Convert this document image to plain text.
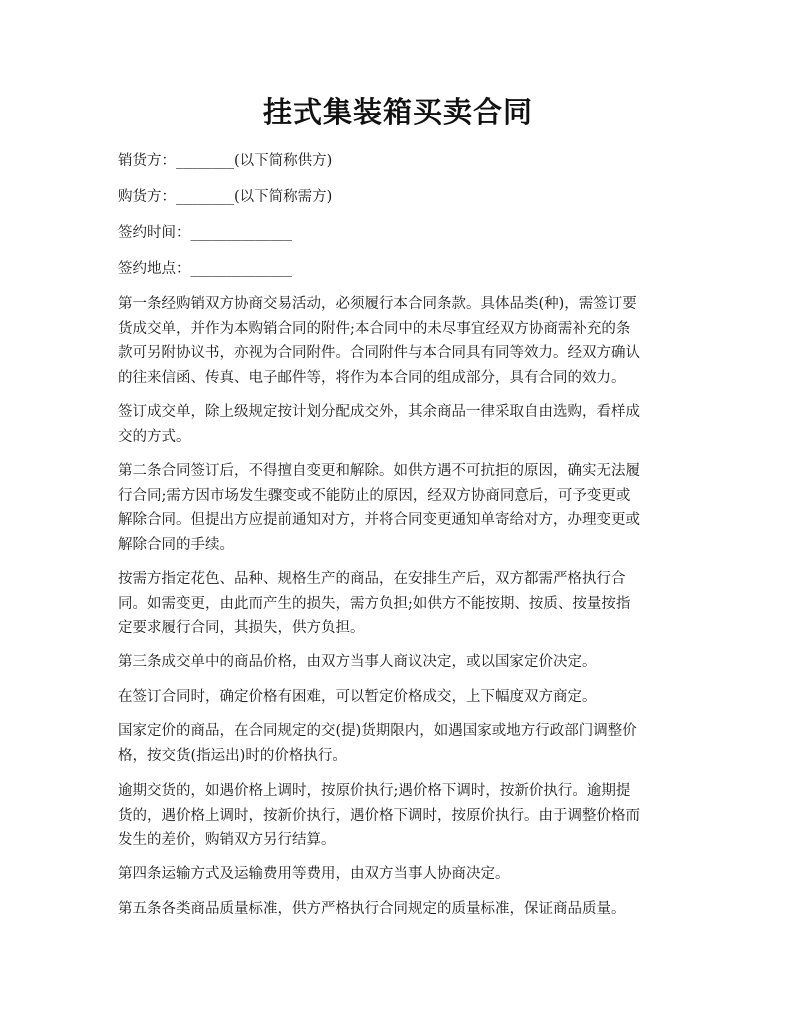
挂式集装箱买卖合同

销货方：________(以下简称供方)

购货方：________(以下简称需方)

签约时间：______________

签约地点：______________

第一条经购销双方协商交易活动，必须履行本合同条款。具体品类(种)，需签订要
货成交单，并作为本购销合同的附件;本合同中的未尽事宜经双方协商需补充的条
款可另附协议书，亦视为合同附件。合同附件与本合同具有同等效力。经双方确认
的往来信函、传真、电子邮件等，将作为本合同的组成部分，具有合同的效力。

签订成交单，除上级规定按计划分配成交外，其余商品一律采取自由选购，看样成
交的方式。

第二条合同签订后，不得擅自变更和解除。如供方遇不可抗拒的原因，确实无法履
行合同;需方因市场发生骤变或不能防止的原因，经双方协商同意后，可予变更或
解除合同。但提出方应提前通知对方，并将合同变更通知单寄给对方，办理变更或
解除合同的手续。

按需方指定花色、品种、规格生产的商品，在安排生产后，双方都需严格执行合
同。如需变更，由此而产生的损失，需方负担;如供方不能按期、按质、按量按指
定要求履行合同，其损失，供方负担。

第三条成交单中的商品价格，由双方当事人商议决定，或以国家定价决定。

在签订合同时，确定价格有困难，可以暂定价格成交，上下幅度双方商定。

国家定价的商品，在合同规定的交(提)货期限内，如遇国家或地方行政部门调整价
格，按交货(指运出)时的价格执行。

逾期交货的，如遇价格上调时，按原价执行;遇价格下调时，按新价执行。逾期提
货的，遇价格上调时，按新价执行，遇价格下调时，按原价执行。由于调整价格而
发生的差价，购销双方另行结算。

第四条运输方式及运输费用等费用，由双方当事人协商决定。

第五条各类商品质量标准，供方严格执行合同规定的质量标准，保证商品质量。
